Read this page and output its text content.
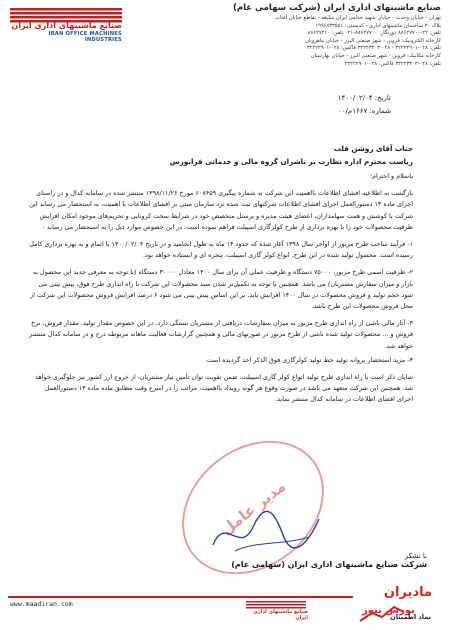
صنایع ماشینهای اداری ایران
IRAN OFFICE MACHINES INDUSTRIES
صنایع ماشینهای اداری ایران (شرکت سهامی عام)
تهران - خیابان وحدت - خیابان شهید خدامی ایران سلیقه - تقاطع خیابان آفتاب
پلاک ۳۰ ساختمان ماشینهای اداری - کدپستی: ۱۹۹۶۸۳۳۵۸۱
تلفن: ۲۲-۸۸۶۲۷۷۰۰ دورنگار: ۸۸۶۲۷۷۰۰-۰۲۱ تلفن: ۸۸۶۲۷۲۱۰
کارخانه الکترونیک: قزوین - شهر صنعتی البرز - خیابان ماهرویان
تلفن: ۰۲۸-۳۲۲۲۲۹۰۱ - ۰۲۸-۳۲۲۲۳۳۰۳ فاکس: ۰۲۸-۳۲۲۲۲۹۰۱
کارخانه مکانیک: قزوین - شهر صنعتی البرز - خیابان بهارستان
تلفن: ۰۲۸-۳۲۲۲۳۳۰۳ فاکس: ۰۲۸-۳۲۲۲۲۹۰۱
تاریخ: ۱۴۰۰/۰۲/۰۴
شماره: ۱۶۶۷م/۰۰

جناب آقای روشن قلب

ریاست محترم اداره نظارت بر ناشران گروه مالی و خدماتی فرابورس

باسلام و احترام؛

بازگشت به اطلاعیه افشای اطلاعات بااهمیت این شرکت به شماره پیگیری ۶۰۸۴۵۹ مورخ ۱۳۹۸/۱۱/۲۶ منتشر شده در سامانه کدال و در راستای اجرای ماده ۱۳ دستورالعمل اجرای افشای اطلاعات شرکتهای ثبت شده نزد سازمان مبنی بر افشای اطلاعات با اهمیت، به استحضار می رساند این شرکت با کوشش و همت سهامداران، اعضای هیئت مدیره و پرسنل متخصص خود در شرایط سخت کرونایی و تحریم‌های موجود امکان افزایش ظرفیت محصولات خود را با بهره برداری از طرح کولرگازی اسپیلت فراهم نموده است. در این خصوص موارد ذیل را به استحضار می رساند :

۱- فرآیند ساخت طرح مزبور از اواخر سال ۱۳۹۸ آغاز شده که حدود ۱۴ ماه به طول انجامید و در تاریخ ۱۴۰۰/۰۲/۰۴ با اتمام و به بهره برداری کامل رسیده است. محصول تولید شده در این طرح، انواع کولر گازی اسپیلت، پنجره ای و ایستاده خواهد بود.

۲- ظرفیت اسمی طرح مزبور، ۷۵۰۰۰ دستگاه و ظرفیت عملی آن برای سال ۱۴۰۰ معادل ۳۰۰۰۰ دستگاه (با توجه به معرفی جدید این محصول به بازار و میزان سفارش مشتریان) می باشد. همچنین با توجه به تکمیل‌تر شدن سبد محصولات این شرکت با راه اندازی طرح فوق، پیش بینی می شود حجم تولید و فروش محصولات در سال ۱۴۰۰ افزایش یابد. بر این اساس پیش بینی می شود ۶ درصد افزایش فروش محصولات این شرکت از محل فروش محصولات این طرح باشد.

۳- آثار مالی ناشی از راه اندازی طرح مزبور به میزان سفارشات دریافتی از مشتریان بستگی دارد. در این خصوص مقدار تولید، مقدار فروش، نرخ فروش و ... محصولات تولید شده ناشی از طرح مزبور در صورتهای مالی و همچنین گزارشات فعالیت ماهانه مربوطه درج و در سامانه کدال منتشر خواهد شد.

۴- مزید استحضار پروانه تولید خط تولید کولرگازی فوق الذکر اخذ گردیده است.

شایان ذکر است با راه اندازی طرح تولید انواع کولر گازی اسپیلت، ضمن تقویت توان تأمین نیاز مشتریان، از خروج ارز کشور نیز جلوگیری خواهد شد. همچنین این شرکت متعهد می باشد در صورت وقوع هر گونه رویداد بااهمیت، مراتب را در اسرع وقت مطابق ماده ماده ۱۳ دستورالعمل اجرای افشای اطلاعات در سامانه کدال منتشر نماید.

مدیر عامل
با تشکر
شرکت صنایع ماشینهای اداری ایران (سهامی عام)
www.maadiran.com
صنایع ماشینهای اداری ایران
مادیران
بورس نیوز
نماد اطمینان
